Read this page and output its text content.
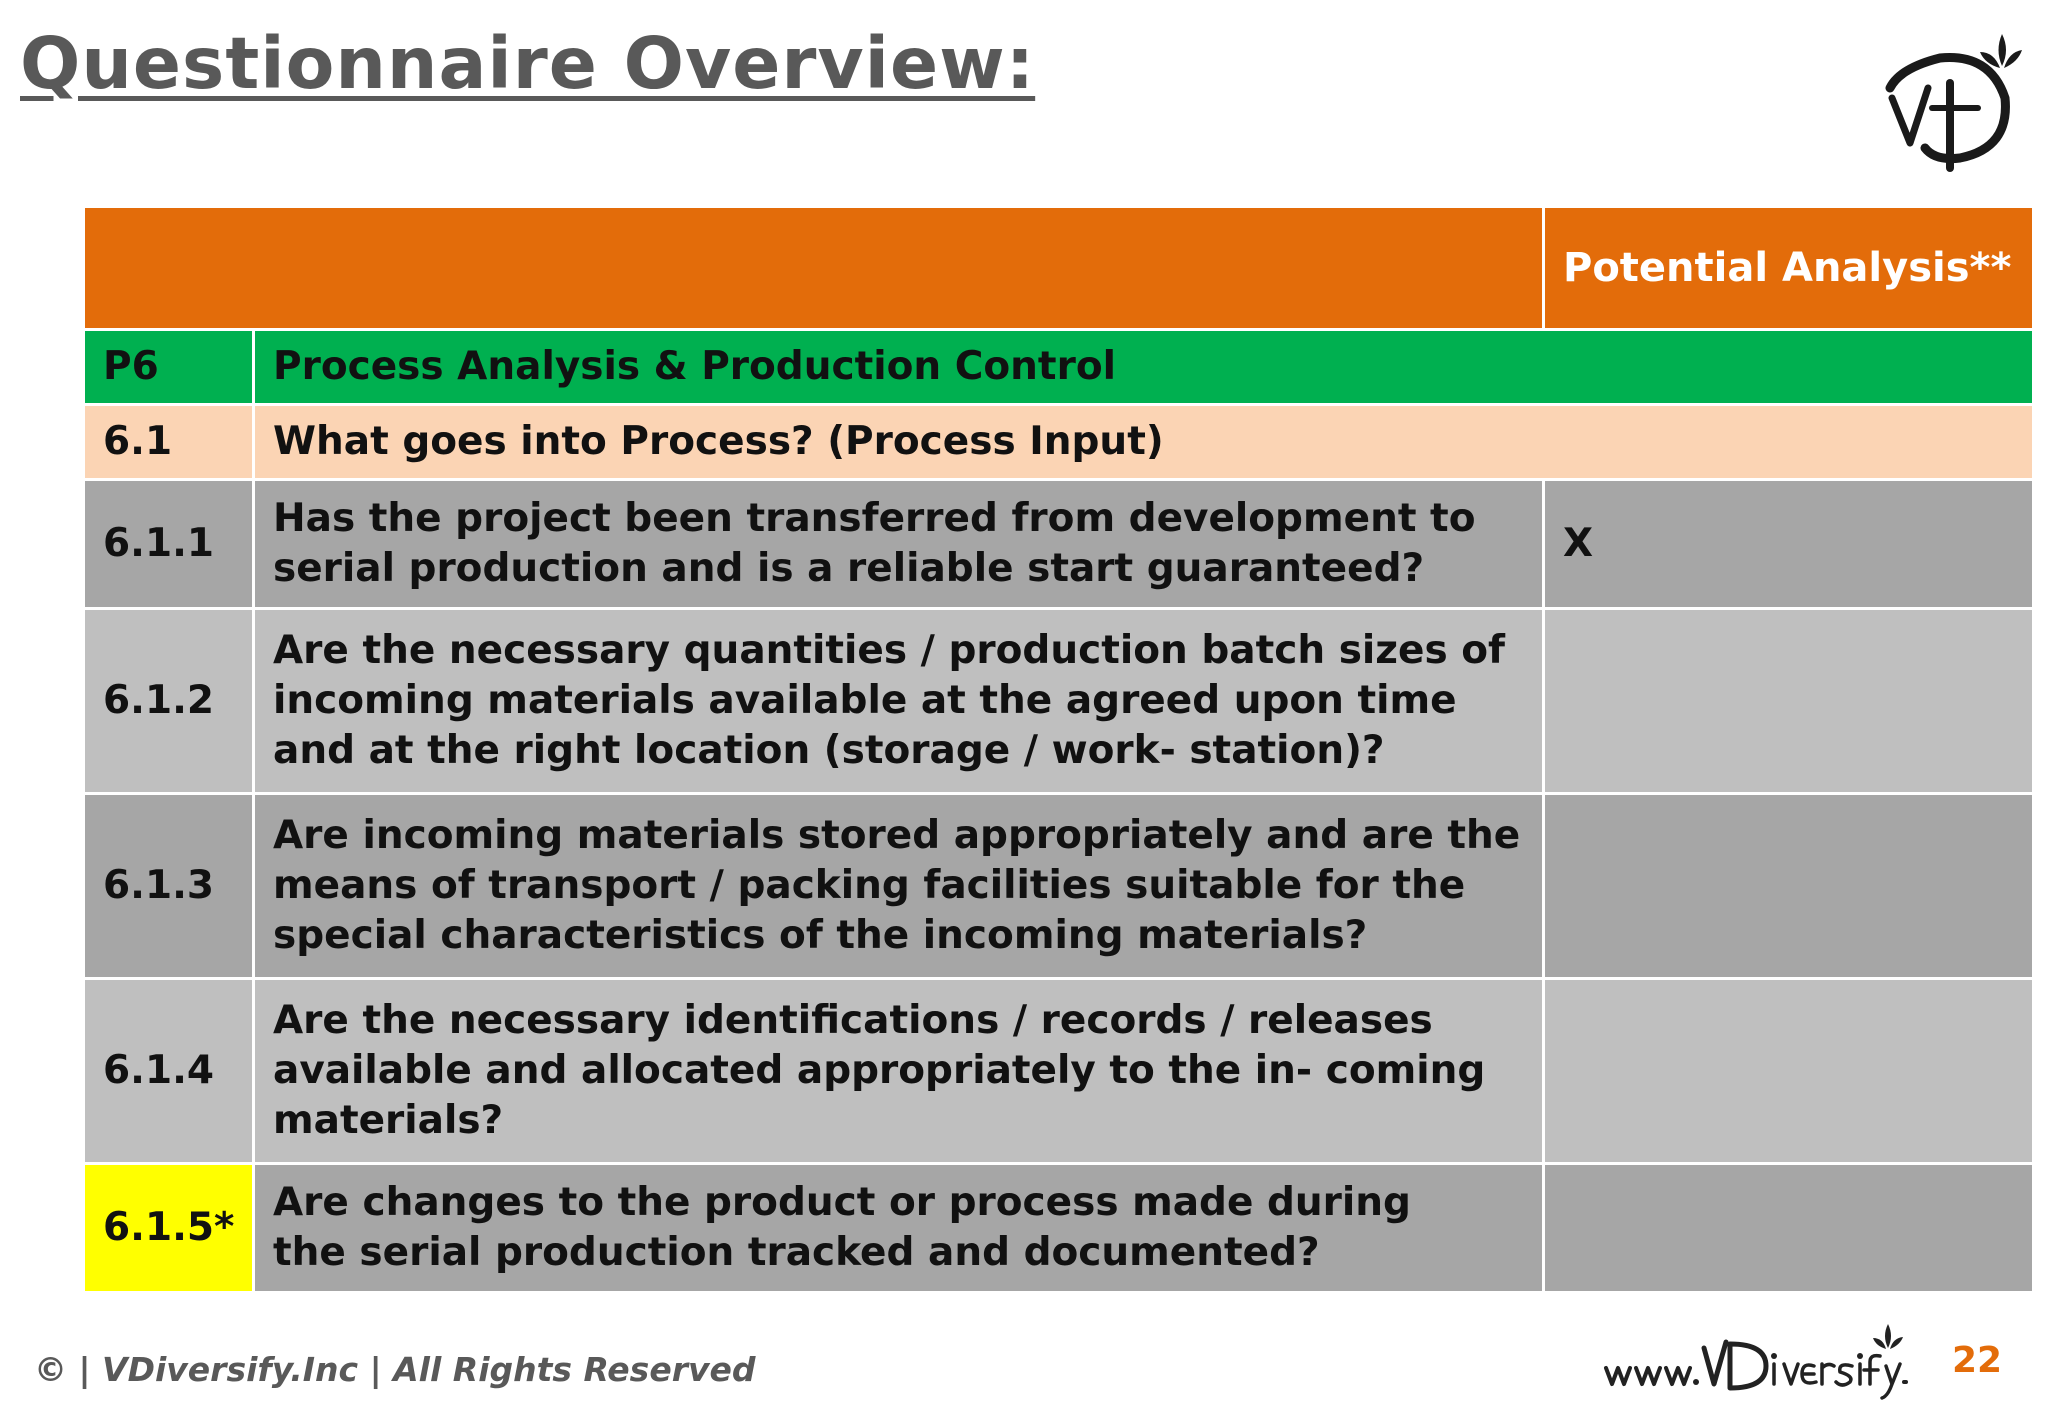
Questionnaire Overview:
		Potential Analysis**
P6	Process Analysis & Production Control	
6.1	What goes into Process? (Process Input)	
6.1.1	Has the project been transferred from development to
serial production and is a reliable start guaranteed?	X
6.1.2	Are the necessary quantities / production batch sizes of
incoming materials available at the agreed upon time
and at the right location (storage / work- station)?	

6.1.3	Are incoming materials stored appropriately and are the
means of transport / packing facilities suitable for the
special characteristics of the incoming materials?	

6.1.4	Are the necessary identifications / records / releases
available and allocated appropriately to the in- coming
materials?	

6.1.5*	Are changes to the product or process made during
the serial production tracked and documented?	

© | VDiversify.Inc | All Rights Reserved	22
